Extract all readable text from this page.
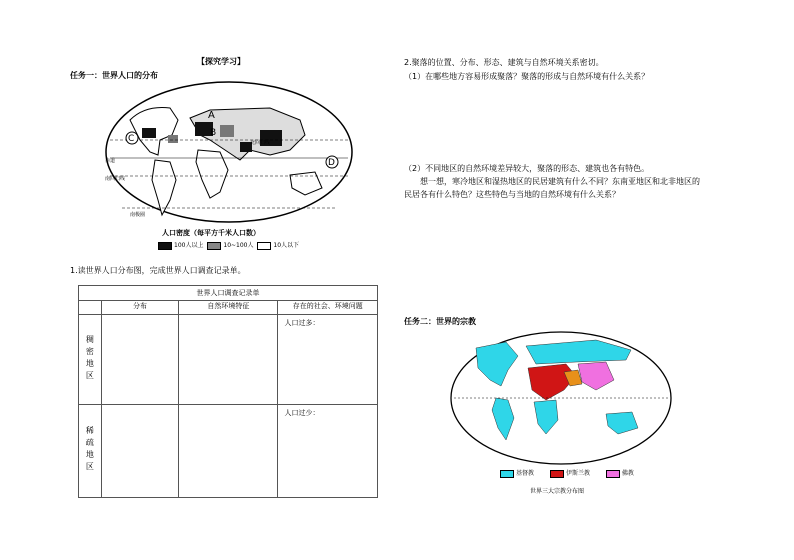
【探究学习】
任务一：世界人口的分布
A
B
C
D
北回归线
赤道
南回归线
南极圈
人口密度（每平方千米人口数）
100人以上	10~100人	10人以下
1.读世界人口分布图，完成世界人口调查记录单。
世界人口调查记录单			
	分布	自然环境特征	存在的社会、环境问题
稠密地区			人口过多：
稀疏地区			人口过少：
2.聚落的位置、分布、形态、建筑与自然环境关系密切。
（1）在哪些地方容易形成聚落？聚落的形成与自然环境有什么关系？
（2）不同地区的自然环境差异较大，聚落的形态、建筑也各有特色。
想一想，寒冷地区和湿热地区的民居建筑有什么不同？东南亚地区和北非地区的民居各有什么特色？这些特色与当地的自然环境有什么关系？
任务二：世界的宗教
基督教	伊斯兰教	佛教
世界三大宗教分布图
